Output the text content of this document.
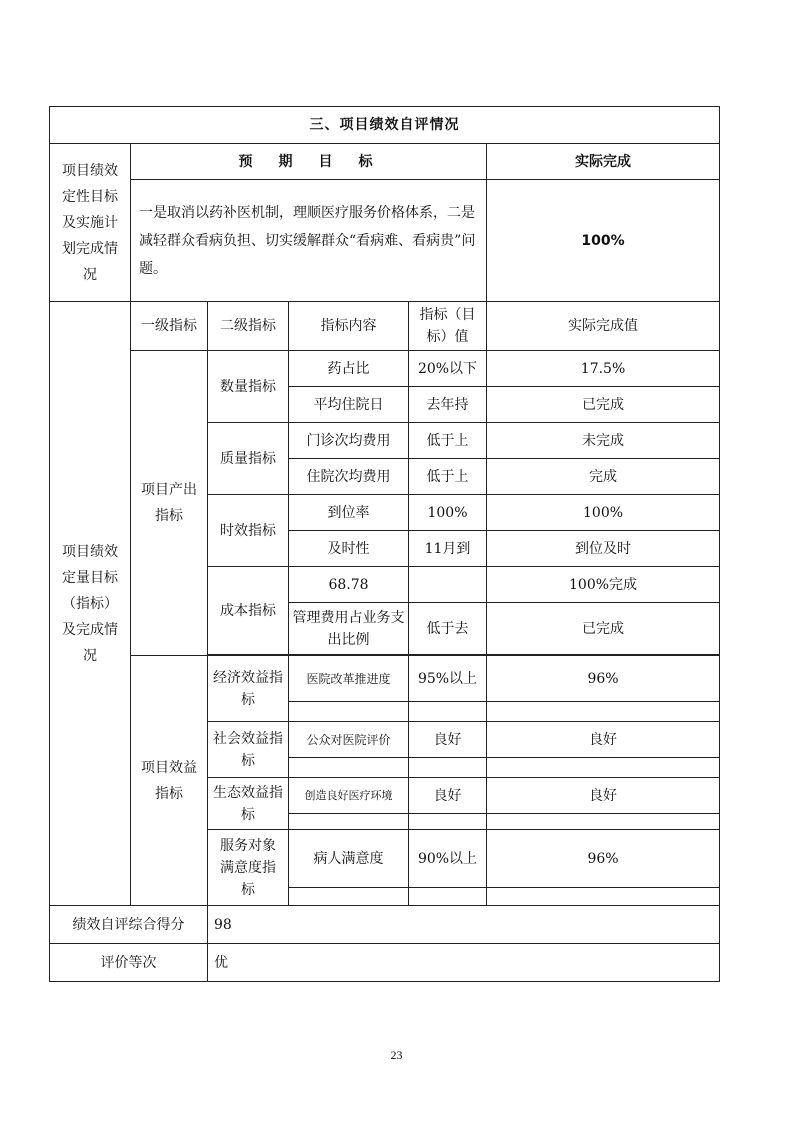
三、项目绩效自评情况					
项目绩效定性目标及实施计划完成情况	预　期　目　标				实际完成
	一是取消以药补医机制，理顺医疗服务价格体系，二是减轻群众看病负担、切实缓解群众“看病难、看病贵”问题。				100%
项目绩效定量目标（指标）及完成情况	一级指标	二级指标	指标内容	指标（目标）值	实际完成值
	项目产出指标	数量指标	药占比	20%以下	17.5%
			平均住院日	去年持	已完成
		质量指标	门诊次均费用	低于上	未完成
			住院次均费用	低于上	完成
		时效指标	到位率	100%	100%
			及时性	11月到	到位及时
		成本指标	68.78		100%完成
			管理费用占业务支出比例	低于去	已完成

	项目效益指标	经济效益指标	医院改革推进度	95%以上	96%

		社会效益指标	公众对医院评价	良好	良好

		生态效益指标	创造良好医疗环境	良好	良好

		服务对象满意度指标	病人满意度	90%以上	96%

绩效自评综合得分		98			
评价等次		优			
23
